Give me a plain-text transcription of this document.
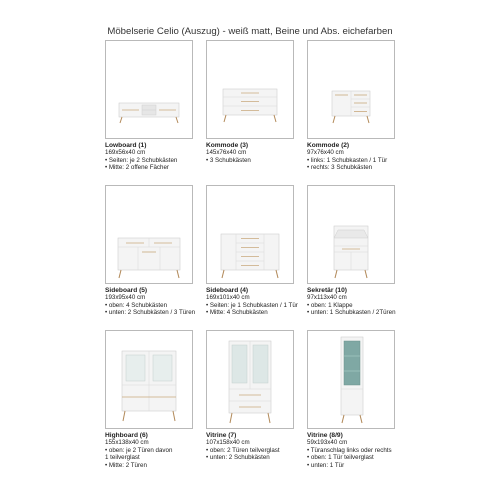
Möbelserie Celio (Auszug) - weiß matt, Beine und Abs. eichefarben
Lowboard (1)
169x56x40 cm
• Seiten: je 2 Schubkästen
• Mitte: 2 offene Fächer
Kommode (3)
145x76x40 cm
• 3 Schubkästen
Kommode (2)
97x76x40 cm
• links: 1 Schubkasten / 1 Tür
• rechts: 3 Schubkästen
Sideboard (5)
193x95x40 cm
• oben: 4 Schubkästen
• unten: 2 Schubkästen / 3 Türen
Sideboard (4)
169x101x40 cm
• Seiten: je 1 Schubkasten / 1 Tür
• Mitte: 4 Schubkästen
Sekretär (10)
97x113x40 cm
• oben: 1 Klappe
• unten: 1 Schubkasten / 2Türen
Highboard (6)
155x138x40 cm
• oben: je 2 Türen davon
1 teilverglast
• Mitte: 2 Türen
Vitrine (7)
107x158x40 cm
• oben: 2 Türen teilverglast
• unten: 2 Schubkästen
Vitrine (8/9)
59x193x40 cm
• Türanschlag links oder rechts
• oben: 1 Tür teilverglast
• unten: 1 Tür
